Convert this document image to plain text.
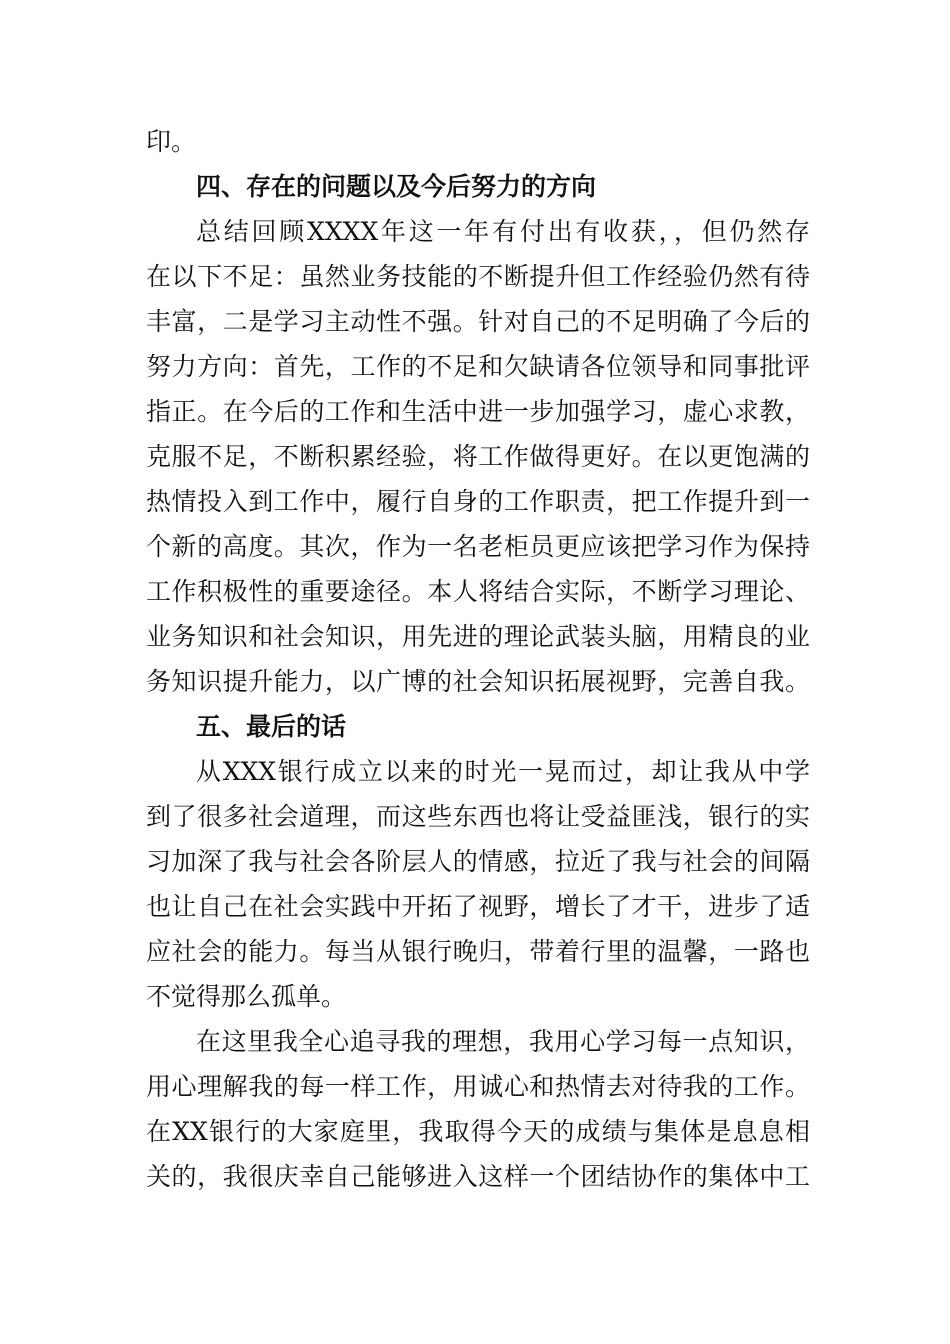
印。
四、存在的问题以及今后努力的方向
总结回顾XXXX年这一年有付出有收获，，但仍然存
在以下不足：虽然业务技能的不断提升但工作经验仍然有待
丰富，二是学习主动性不强。针对自己的不足明确了今后的
努力方向：首先，工作的不足和欠缺请各位领导和同事批评
指正。在今后的工作和生活中进一步加强学习，虚心求教，
克服不足，不断积累经验，将工作做得更好。在以更饱满的
热情投入到工作中，履行自身的工作职责，把工作提升到一
个新的高度。其次，作为一名老柜员更应该把学习作为保持
工作积极性的重要途径。本人将结合实际，不断学习理论、
业务知识和社会知识，用先进的理论武装头脑，用精良的业
务知识提升能力，以广博的社会知识拓展视野，完善自我。
五、最后的话
从XXX银行成立以来的时光一晃而过，却让我从中学
到了很多社会道理，而这些东西也将让受益匪浅，银行的实
习加深了我与社会各阶层人的情感，拉近了我与社会的间隔
也让自己在社会实践中开拓了视野，增长了才干，进步了适
应社会的能力。每当从银行晚归，带着行里的温馨，一路也
不觉得那么孤单。
在这里我全心追寻我的理想，我用心学习每一点知识，
用心理解我的每一样工作，用诚心和热情去对待我的工作。
在XX银行的大家庭里，我取得今天的成绩与集体是息息相
关的，我很庆幸自己能够进入这样一个团结协作的集体中工
